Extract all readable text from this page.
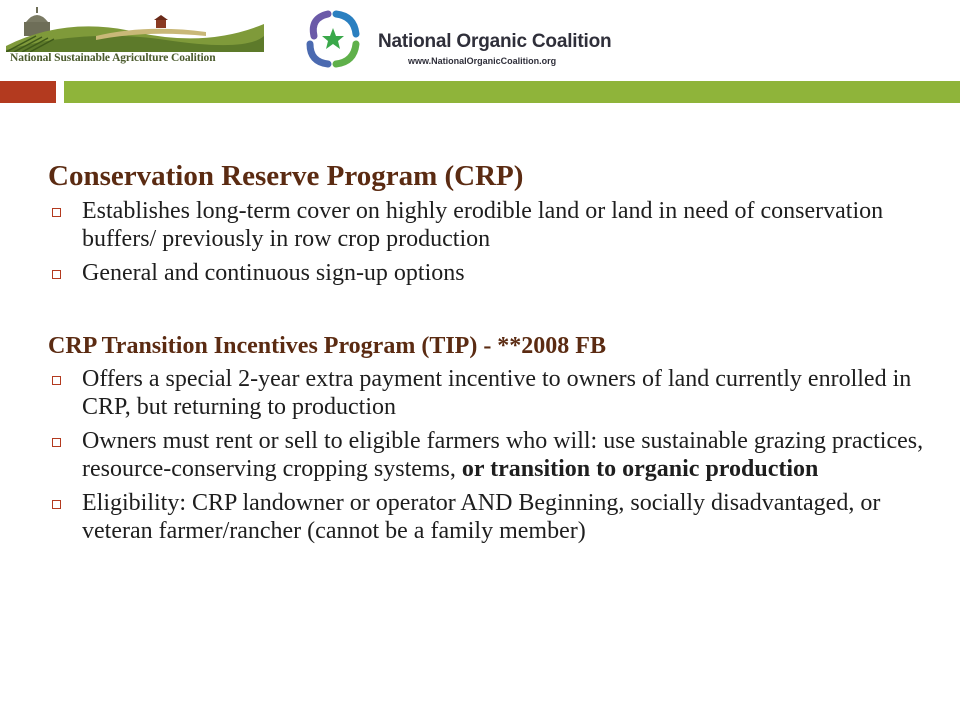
National Sustainable Agriculture Coalition
National Organic Coalition
www.NationalOrganicCoalition.org
Conservation Reserve Program (CRP)
Establishes long-term cover on highly erodible land or land in need of conservation buffers/ previously in row crop production
General and continuous sign-up options
CRP Transition Incentives Program (TIP) - **2008 FB
Offers a special 2-year extra payment incentive to owners of land currently enrolled in CRP, but returning to production
Owners must rent or sell to eligible farmers who will: use sustainable grazing practices, resource-conserving cropping systems, or transition to organic production
Eligibility: CRP landowner or operator AND Beginning, socially disadvantaged, or veteran farmer/rancher (cannot be a family member)
